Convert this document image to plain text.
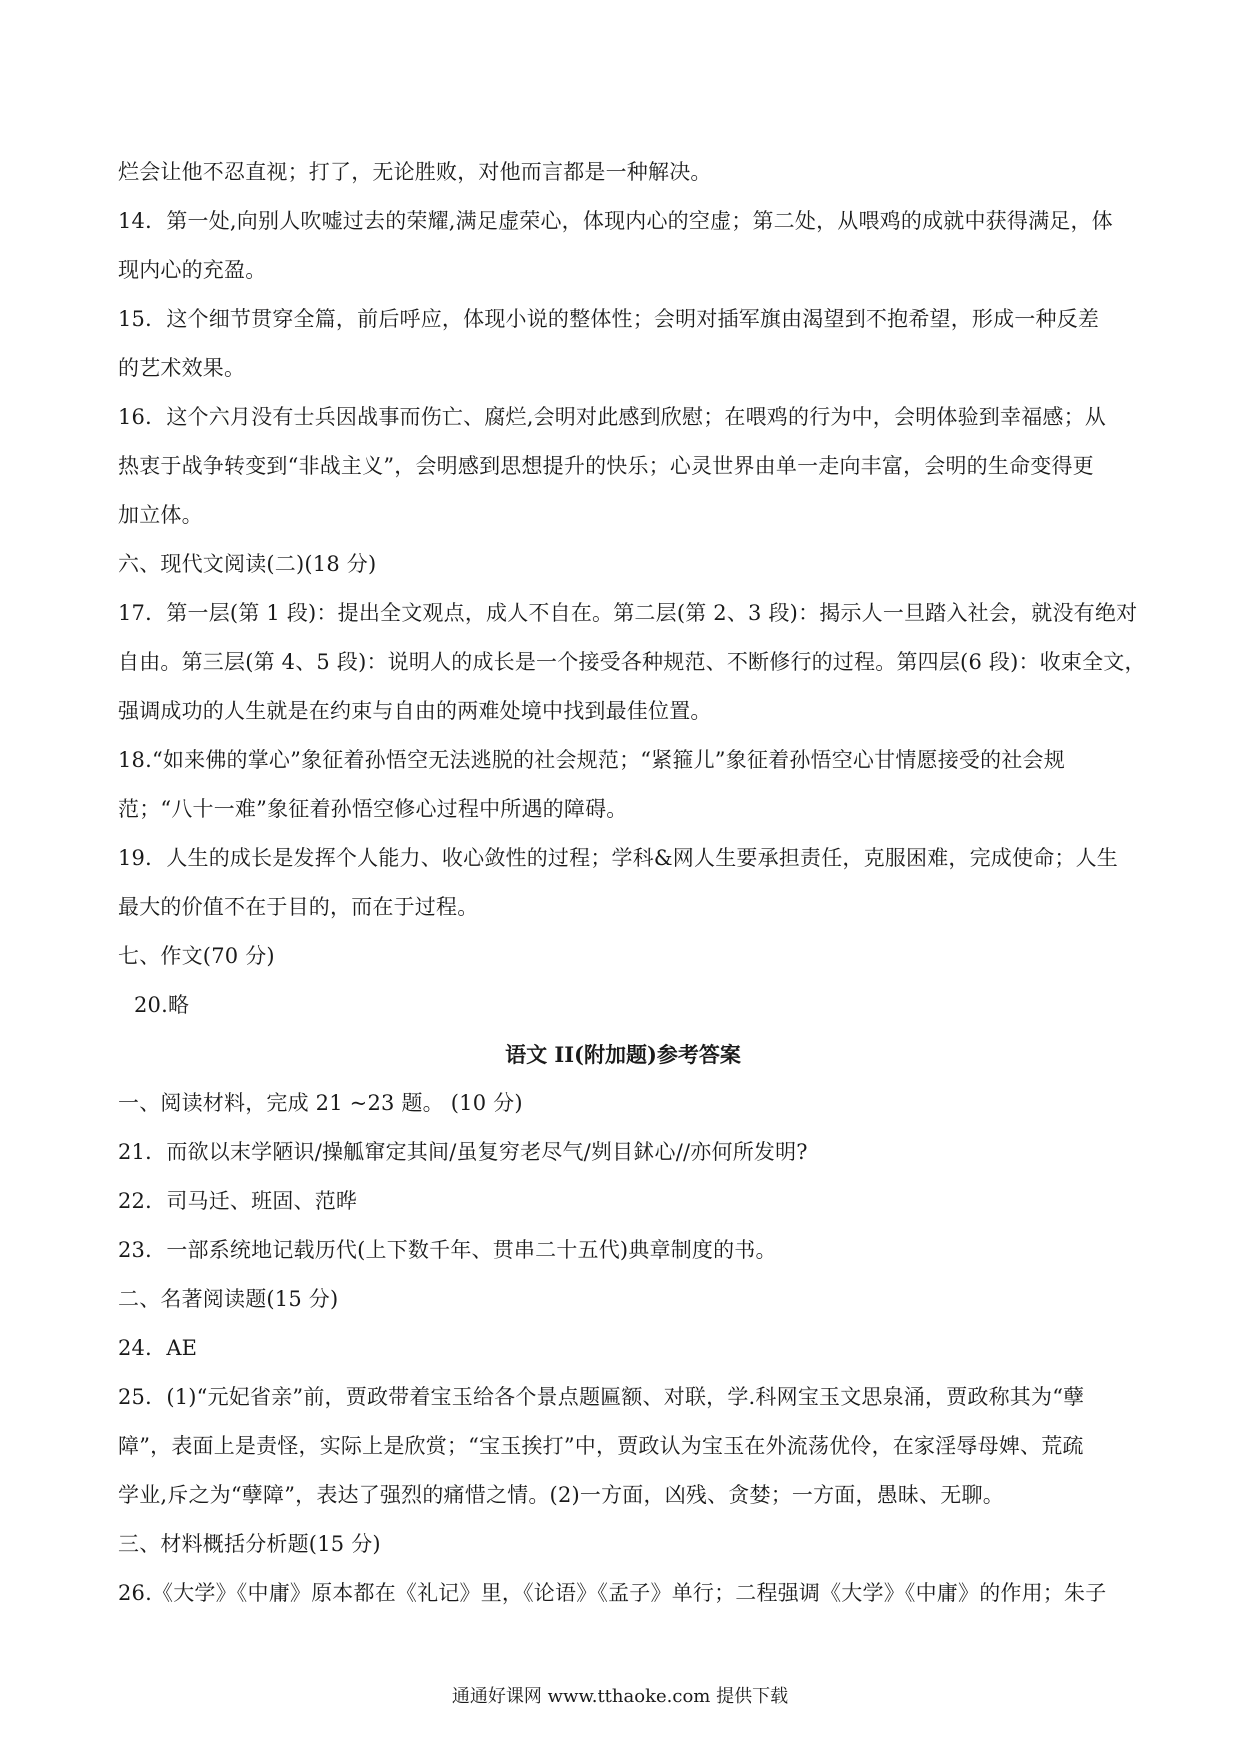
烂会让他不忍直视；打了，无论胜败，对他而言都是一种解决。
14．第一处,向别人吹嘘过去的荣耀,满足虚荣心，体现内心的空虚；第二处，从喂鸡的成就中获得满足，体
现内心的充盈。
15．这个细节贯穿全篇，前后呼应，体现小说的整体性；会明对插军旗由渴望到不抱希望，形成一种反差
的艺术效果。
16．这个六月没有士兵因战事而伤亡、腐烂,会明对此感到欣慰；在喂鸡的行为中，会明体验到幸福感；从
热衷于战争转变到“非战主义”，会明感到思想提升的快乐；心灵世界由单一走向丰富，会明的生命变得更
加立体。
六、现代文阅读(二)(18 分)
17．第一层(第 1 段)：提出全文观点，成人不自在。第二层(第 2、3 段)：揭示人一旦踏入社会，就没有绝对
自由。第三层(第 4、5 段)：说明人的成长是一个接受各种规范、不断修行的过程。第四层(6 段)：收束全文，
强调成功的人生就是在约束与自由的两难处境中找到最佳位置。
18.“如来佛的掌心”象征着孙悟空无法逃脱的社会规范；“紧箍儿”象征着孙悟空心甘情愿接受的社会规
范；“八十一难”象征着孙悟空修心过程中所遇的障碍。
19．人生的成长是发挥个人能力、收心敛性的过程；学科&网人生要承担责任，克服困难，完成使命；人生
最大的价值不在于目的，而在于过程。
七、作文(70 分)
20.略
语文 II(附加题)参考答案
一、阅读材料，完成 21 ~23 题。 (10 分)
21．而欲以末学陋识/操觚窜定其间/虽复穷老尽气/刿目鉥心//亦何所发明?
22．司马迁、班固、范晔
23．一部系统地记载历代(上下数千年、贯串二十五代)典章制度的书。
二、名著阅读题(15 分)
24．AE
25．(1)“元妃省亲”前，贾政带着宝玉给各个景点题匾额、对联，学.科网宝玉文思泉涌，贾政称其为“孽
障”，表面上是责怪，实际上是欣赏；“宝玉挨打”中，贾政认为宝玉在外流荡优伶，在家淫辱母婢、荒疏
学业,斥之为“孽障”，表达了强烈的痛惜之情。(2)一方面，凶残、贪婪；一方面，愚昧、无聊。
三、材料概括分析题(15 分)
26.《大学》《中庸》原本都在《礼记》里，《论语》《孟子》单行；二程强调《大学》《中庸》的作用；朱子
通通好课网 www.tthaoke.com 提供下载
